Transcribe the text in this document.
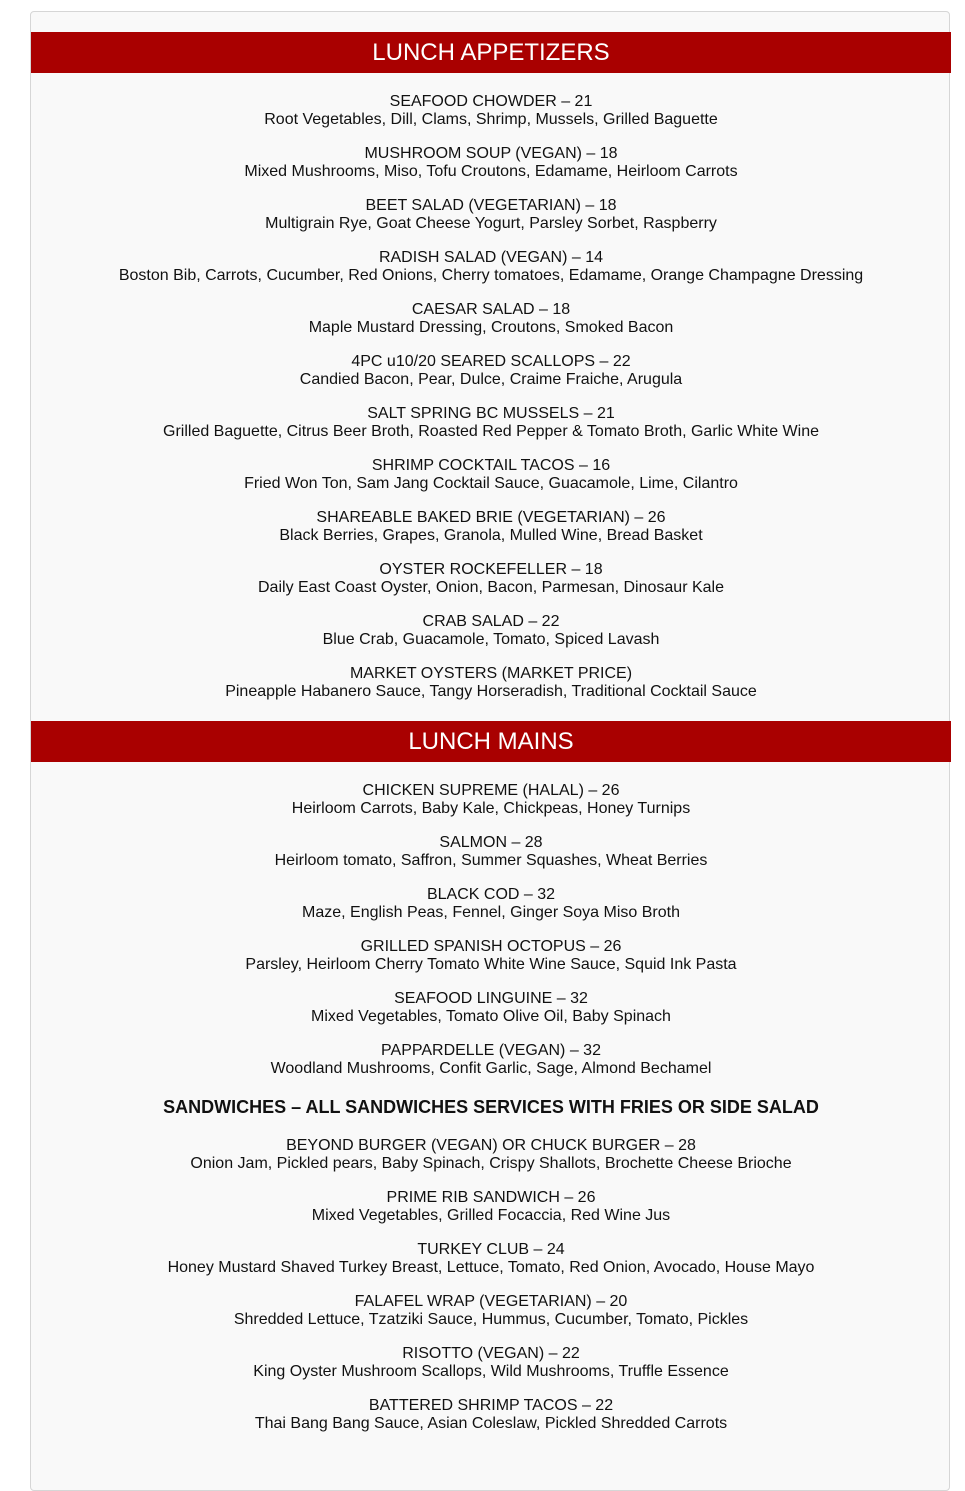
LUNCH APPETIZERS
SEAFOOD CHOWDER – 21
Root Vegetables, Dill, Clams, Shrimp, Mussels, Grilled Baguette
MUSHROOM SOUP (VEGAN) – 18
Mixed Mushrooms, Miso, Tofu Croutons, Edamame, Heirloom Carrots
BEET SALAD (VEGETARIAN) – 18
Multigrain Rye, Goat Cheese Yogurt, Parsley Sorbet, Raspberry
RADISH SALAD (VEGAN) – 14
Boston Bib, Carrots, Cucumber, Red Onions, Cherry tomatoes, Edamame, Orange Champagne Dressing
CAESAR SALAD – 18
Maple Mustard Dressing, Croutons, Smoked Bacon
4PC u10/20 SEARED SCALLOPS – 22
Candied Bacon, Pear, Dulce, Craime Fraiche, Arugula
SALT SPRING BC MUSSELS – 21
Grilled Baguette, Citrus Beer Broth, Roasted Red Pepper & Tomato Broth, Garlic White Wine
SHRIMP COCKTAIL TACOS – 16
Fried Won Ton, Sam Jang Cocktail Sauce, Guacamole, Lime, Cilantro
SHAREABLE BAKED BRIE (VEGETARIAN) – 26
Black Berries, Grapes, Granola, Mulled Wine, Bread Basket
OYSTER ROCKEFELLER – 18
Daily East Coast Oyster, Onion, Bacon, Parmesan, Dinosaur Kale
CRAB SALAD – 22
Blue Crab, Guacamole, Tomato, Spiced Lavash
MARKET OYSTERS (MARKET PRICE)
Pineapple Habanero Sauce, Tangy Horseradish, Traditional Cocktail Sauce
LUNCH MAINS
CHICKEN SUPREME (HALAL) – 26
Heirloom Carrots, Baby Kale, Chickpeas, Honey Turnips
SALMON – 28
Heirloom tomato, Saffron, Summer Squashes, Wheat Berries
BLACK COD – 32
Maze, English Peas, Fennel, Ginger Soya Miso Broth
GRILLED SPANISH OCTOPUS – 26
Parsley, Heirloom Cherry Tomato White Wine Sauce, Squid Ink Pasta
SEAFOOD LINGUINE – 32
Mixed Vegetables, Tomato Olive Oil, Baby Spinach
PAPPARDELLE (VEGAN) – 32
Woodland Mushrooms, Confit Garlic, Sage, Almond Bechamel
SANDWICHES – ALL SANDWICHES SERVICES WITH FRIES OR SIDE SALAD
BEYOND BURGER (VEGAN) OR CHUCK BURGER – 28
Onion Jam, Pickled pears, Baby Spinach, Crispy Shallots, Brochette Cheese Brioche
PRIME RIB SANDWICH – 26
Mixed Vegetables, Grilled Focaccia, Red Wine Jus
TURKEY CLUB – 24
Honey Mustard Shaved Turkey Breast, Lettuce, Tomato, Red Onion, Avocado, House Mayo
FALAFEL WRAP (VEGETARIAN) – 20
Shredded Lettuce, Tzatziki Sauce, Hummus, Cucumber, Tomato, Pickles
RISOTTO (VEGAN) – 22
King Oyster Mushroom Scallops, Wild Mushrooms, Truffle Essence
BATTERED SHRIMP TACOS – 22
Thai Bang Bang Sauce, Asian Coleslaw, Pickled Shredded Carrots
